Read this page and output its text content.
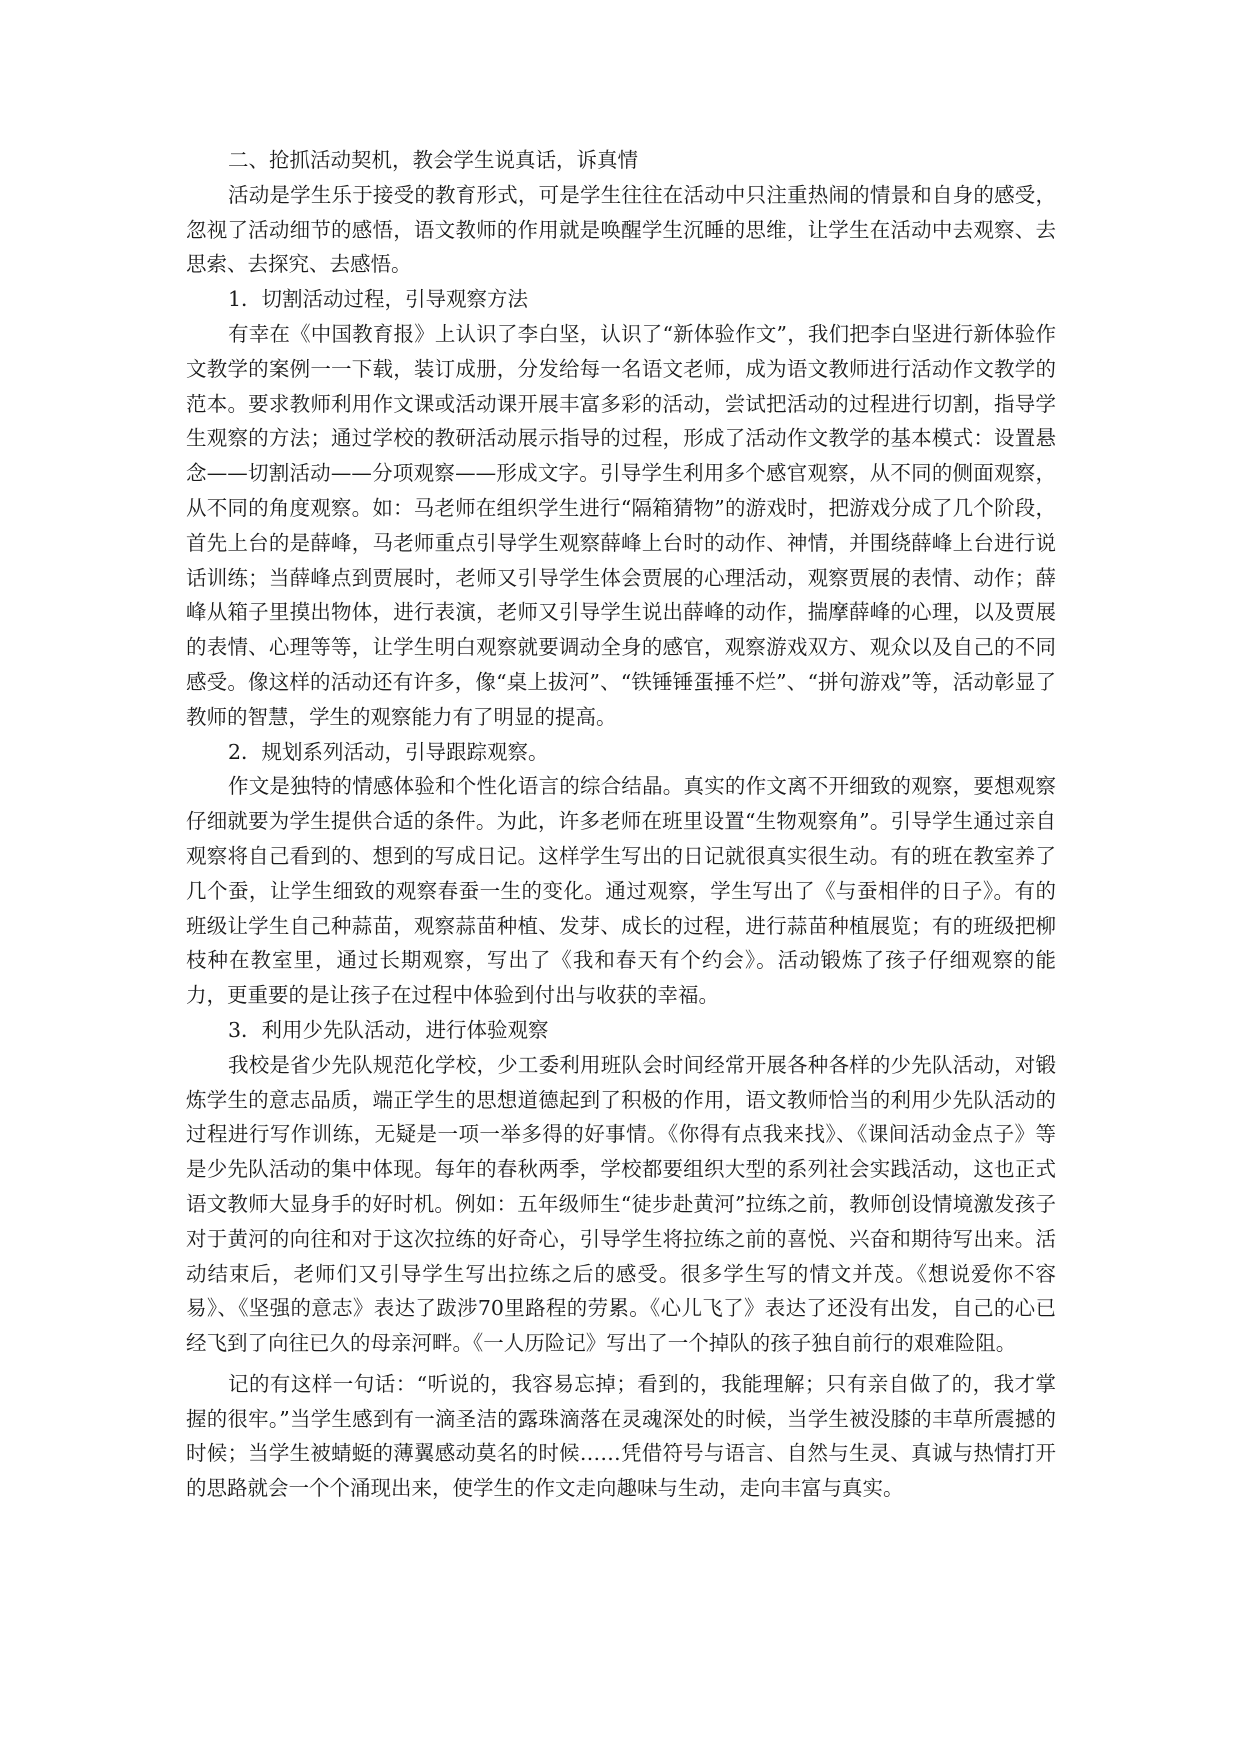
二、抢抓活动契机，教会学生说真话，诉真情

活动是学生乐于接受的教育形式，可是学生往往在活动中只注重热闹的情景和自身的感受，忽视了活动细节的感悟，语文教师的作用就是唤醒学生沉睡的思维，让学生在活动中去观察、去思索、去探究、去感悟。

1．切割活动过程，引导观察方法

有幸在《中国教育报》上认识了李白坚，认识了“新体验作文”，我们把李白坚进行新体验作文教学的案例一一下载，装订成册，分发给每一名语文老师，成为语文教师进行活动作文教学的范本。要求教师利用作文课或活动课开展丰富多彩的活动，尝试把活动的过程进行切割，指导学生观察的方法；通过学校的教研活动展示指导的过程，形成了活动作文教学的基本模式：设置悬念——切割活动——分项观察——形成文字。引导学生利用多个感官观察，从不同的侧面观察，从不同的角度观察。如：马老师在组织学生进行“隔箱猜物”的游戏时，把游戏分成了几个阶段，首先上台的是薛峰，马老师重点引导学生观察薛峰上台时的动作、神情，并围绕薛峰上台进行说话训练；当薛峰点到贾展时，老师又引导学生体会贾展的心理活动，观察贾展的表情、动作；薛峰从箱子里摸出物体，进行表演，老师又引导学生说出薛峰的动作，揣摩薛峰的心理，以及贾展的表情、心理等等，让学生明白观察就要调动全身的感官，观察游戏双方、观众以及自己的不同感受。像这样的活动还有许多，像“桌上拔河”、“铁锤锤蛋捶不烂”、“拼句游戏”等，活动彰显了教师的智慧，学生的观察能力有了明显的提高。

2．规划系列活动，引导跟踪观察。

作文是独特的情感体验和个性化语言的综合结晶。真实的作文离不开细致的观察，要想观察仔细就要为学生提供合适的条件。为此，许多老师在班里设置“生物观察角”。引导学生通过亲自观察将自己看到的、想到的写成日记。这样学生写出的日记就很真实很生动。有的班在教室养了几个蚕，让学生细致的观察春蚕一生的变化。通过观察，学生写出了《与蚕相伴的日子》。有的班级让学生自己种蒜苗，观察蒜苗种植、发芽、成长的过程，进行蒜苗种植展览；有的班级把柳枝种在教室里，通过长期观察，写出了《我和春天有个约会》。活动锻炼了孩子仔细观察的能力，更重要的是让孩子在过程中体验到付出与收获的幸福。

3．利用少先队活动，进行体验观察

我校是省少先队规范化学校，少工委利用班队会时间经常开展各种各样的少先队活动，对锻炼学生的意志品质，端正学生的思想道德起到了积极的作用，语文教师恰当的利用少先队活动的过程进行写作训练，无疑是一项一举多得的好事情。《你得有点我来找》、《课间活动金点子》等是少先队活动的集中体现。每年的春秋两季，学校都要组织大型的系列社会实践活动，这也正式语文教师大显身手的好时机。例如：五年级师生“徒步赴黄河”拉练之前，教师创设情境激发孩子对于黄河的向往和对于这次拉练的好奇心，引导学生将拉练之前的喜悦、兴奋和期待写出来。活动结束后，老师们又引导学生写出拉练之后的感受。很多学生写的情文并茂。《想说爱你不容易》、《坚强的意志》表达了跋涉70里路程的劳累。《心儿飞了》表达了还没有出发，自己的心已经飞到了向往已久的母亲河畔。《一人历险记》写出了一个掉队的孩子独自前行的艰难险阻。

记的有这样一句话：“听说的，我容易忘掉；看到的，我能理解；只有亲自做了的，我才掌握的很牢。”当学生感到有一滴圣洁的露珠滴落在灵魂深处的时候，当学生被没膝的丰草所震撼的时候；当学生被蜻蜓的薄翼感动莫名的时候……凭借符号与语言、自然与生灵、真诚与热情打开的思路就会一个个涌现出来，使学生的作文走向趣味与生动，走向丰富与真实。
